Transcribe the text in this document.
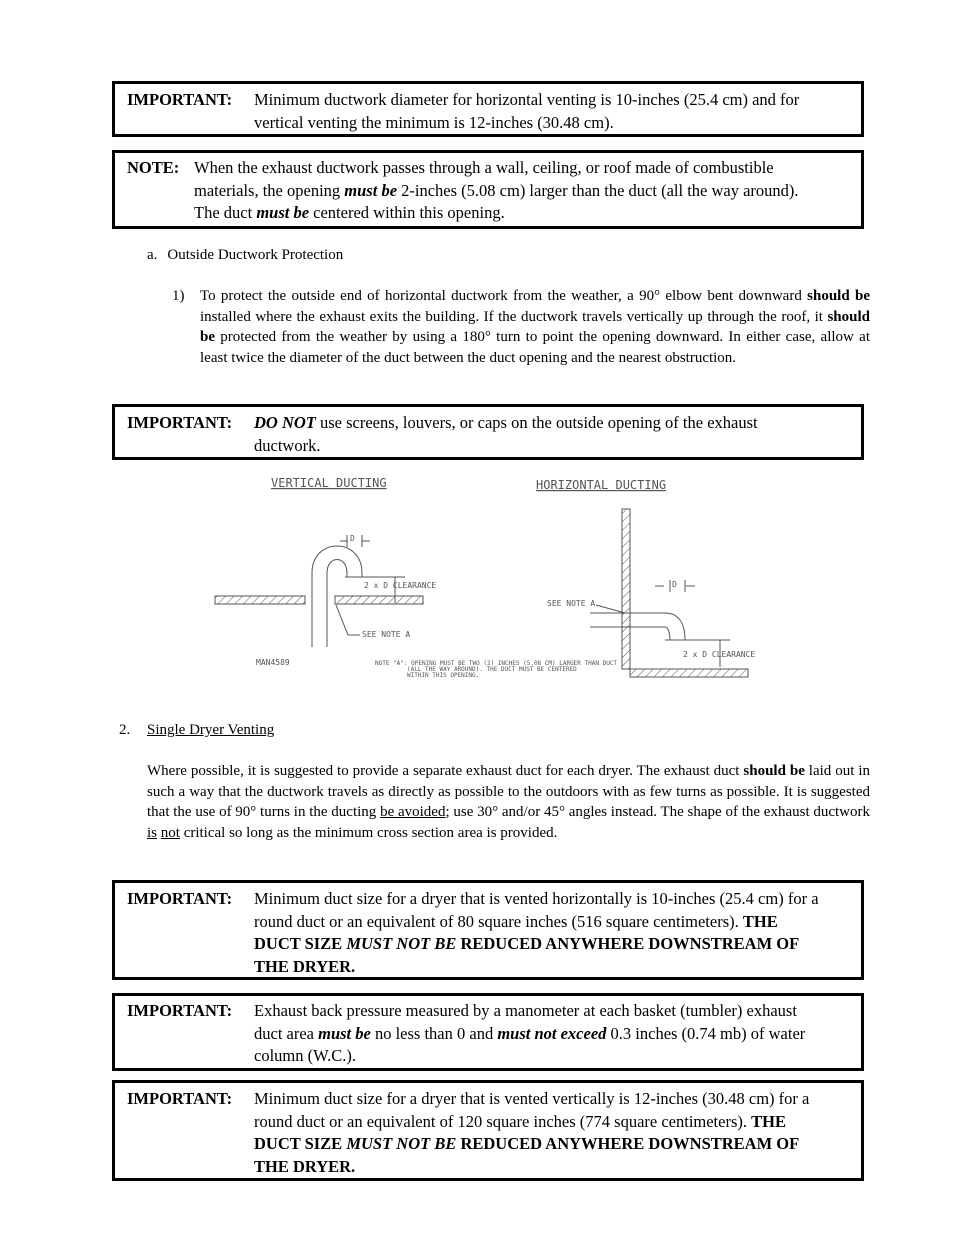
IMPORTANT: Minimum ductwork diameter for horizontal venting is 10-inches (25.4 cm) and for
vertical venting the minimum is 12-inches (30.48 cm).
NOTE: When the exhaust ductwork passes through a wall, ceiling, or roof made of combustible
materials, the opening must be 2-inches (5.08 cm) larger than the duct (all the way around).
The duct must be centered within this opening.
a. Outside Ductwork Protection
1) To protect the outside end of horizontal ductwork from the weather, a 90° elbow bent downward should be installed where the exhaust exits the building. If the ductwork travels vertically up through the roof, it should be protected from the weather by using a 180° turn to point the opening downward. In either case, allow at least twice the diameter of the duct between the duct opening and the nearest obstruction.
IMPORTANT: DO NOT use screens, louvers, or caps on the outside opening of the exhaust
ductwork.
VERTICAL DUCTING	HORIZONTAL DUCTING
D
2 x D CLEARANCE
SEE NOTE A
MAN4589	NOTE "A": OPENING MUST BE TWO (2) INCHES (5.08 CM) LARGER THAN DUCT
(ALL THE WAY AROUND). THE DUCT MUST BE CENTERED
WITHIN THIS OPENING.
D
SEE NOTE A
2 x D CLEARANCE
2. Single Dryer Venting
Where possible, it is suggested to provide a separate exhaust duct for each dryer. The exhaust duct should be laid out in such a way that the ductwork travels as directly as possible to the outdoors with as few turns as possible. It is suggested that the use of 90° turns in the ducting be avoided; use 30° and/or 45° angles instead. The shape of the exhaust ductwork is not critical so long as the minimum cross section area is provided.
IMPORTANT: Minimum duct size for a dryer that is vented horizontally is 10-inches (25.4 cm) for a
round duct or an equivalent of 80 square inches (516 square centimeters). THE
DUCT SIZE MUST NOT BE REDUCED ANYWHERE DOWNSTREAM OF
THE DRYER.
IMPORTANT: Exhaust back pressure measured by a manometer at each basket (tumbler) exhaust
duct area must be no less than 0 and must not exceed 0.3 inches (0.74 mb) of water
column (W.C.).
IMPORTANT: Minimum duct size for a dryer that is vented vertically is 12-inches (30.48 cm) for a
round duct or an equivalent of 120 square inches (774 square centimeters). THE
DUCT SIZE MUST NOT BE REDUCED ANYWHERE DOWNSTREAM OF
THE DRYER.
